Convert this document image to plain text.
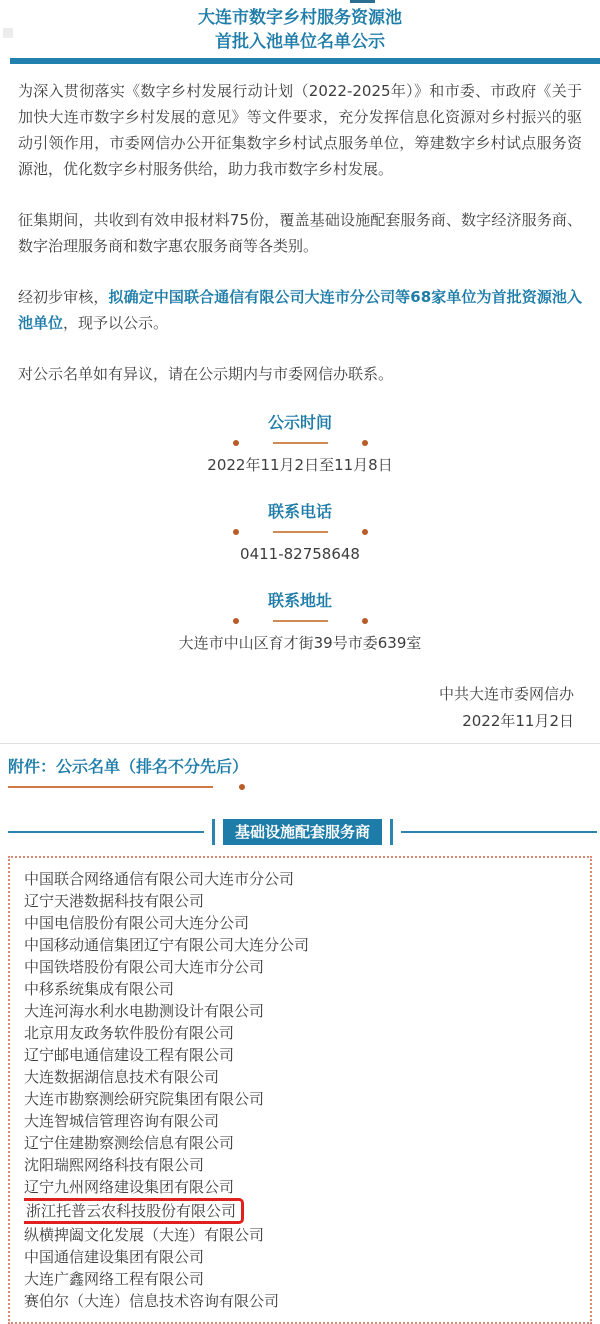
大连市数字乡村服务资源池
首批入池单位名单公示

为深入贯彻落实《数字乡村发展行动计划（2022-2025年）》和市委、市政府《关于加快大连市数字乡村发展的意见》等文件要求，充分发挥信息化资源对乡村振兴的驱动引领作用，市委网信办公开征集数字乡村试点服务单位，筹建数字乡村试点服务资源池，优化数字乡村服务供给，助力我市数字乡村发展。

征集期间，共收到有效申报材料75份，覆盖基础设施配套服务商、数字经济服务商、数字治理服务商和数字惠农服务商等各类别。

经初步审核，拟确定中国联合通信有限公司大连市分公司等68家单位为首批资源池入池单位，现予以公示。

对公示名单如有异议，请在公示期内与市委网信办联系。

公示时间
2022年11月2日至11月8日
联系电话
0411-82758648
联系地址
大连市中山区育才街39号市委639室
中共大连市委网信办
2022年11月2日
附件：公示名单（排名不分先后）
基础设施配套服务商
中国联合网络通信有限公司大连市分公司
辽宁天港数据科技有限公司
中国电信股份有限公司大连分公司
中国移动通信集团辽宁有限公司大连分公司
中国铁塔股份有限公司大连市分公司
中移系统集成有限公司
大连河海水利水电勘测设计有限公司
北京用友政务软件股份有限公司
辽宁邮电通信建设工程有限公司
大连数据湖信息技术有限公司
大连市勘察测绘研究院集团有限公司
大连智城信管理咨询有限公司
辽宁住建勘察测绘信息有限公司
沈阳瑞熙网络科技有限公司
辽宁九州网络建设集团有限公司
浙江托普云农科技股份有限公司
纵横捭阖文化发展（大连）有限公司
中国通信建设集团有限公司
大连广鑫网络工程有限公司
赛伯尔（大连）信息技术咨询有限公司
